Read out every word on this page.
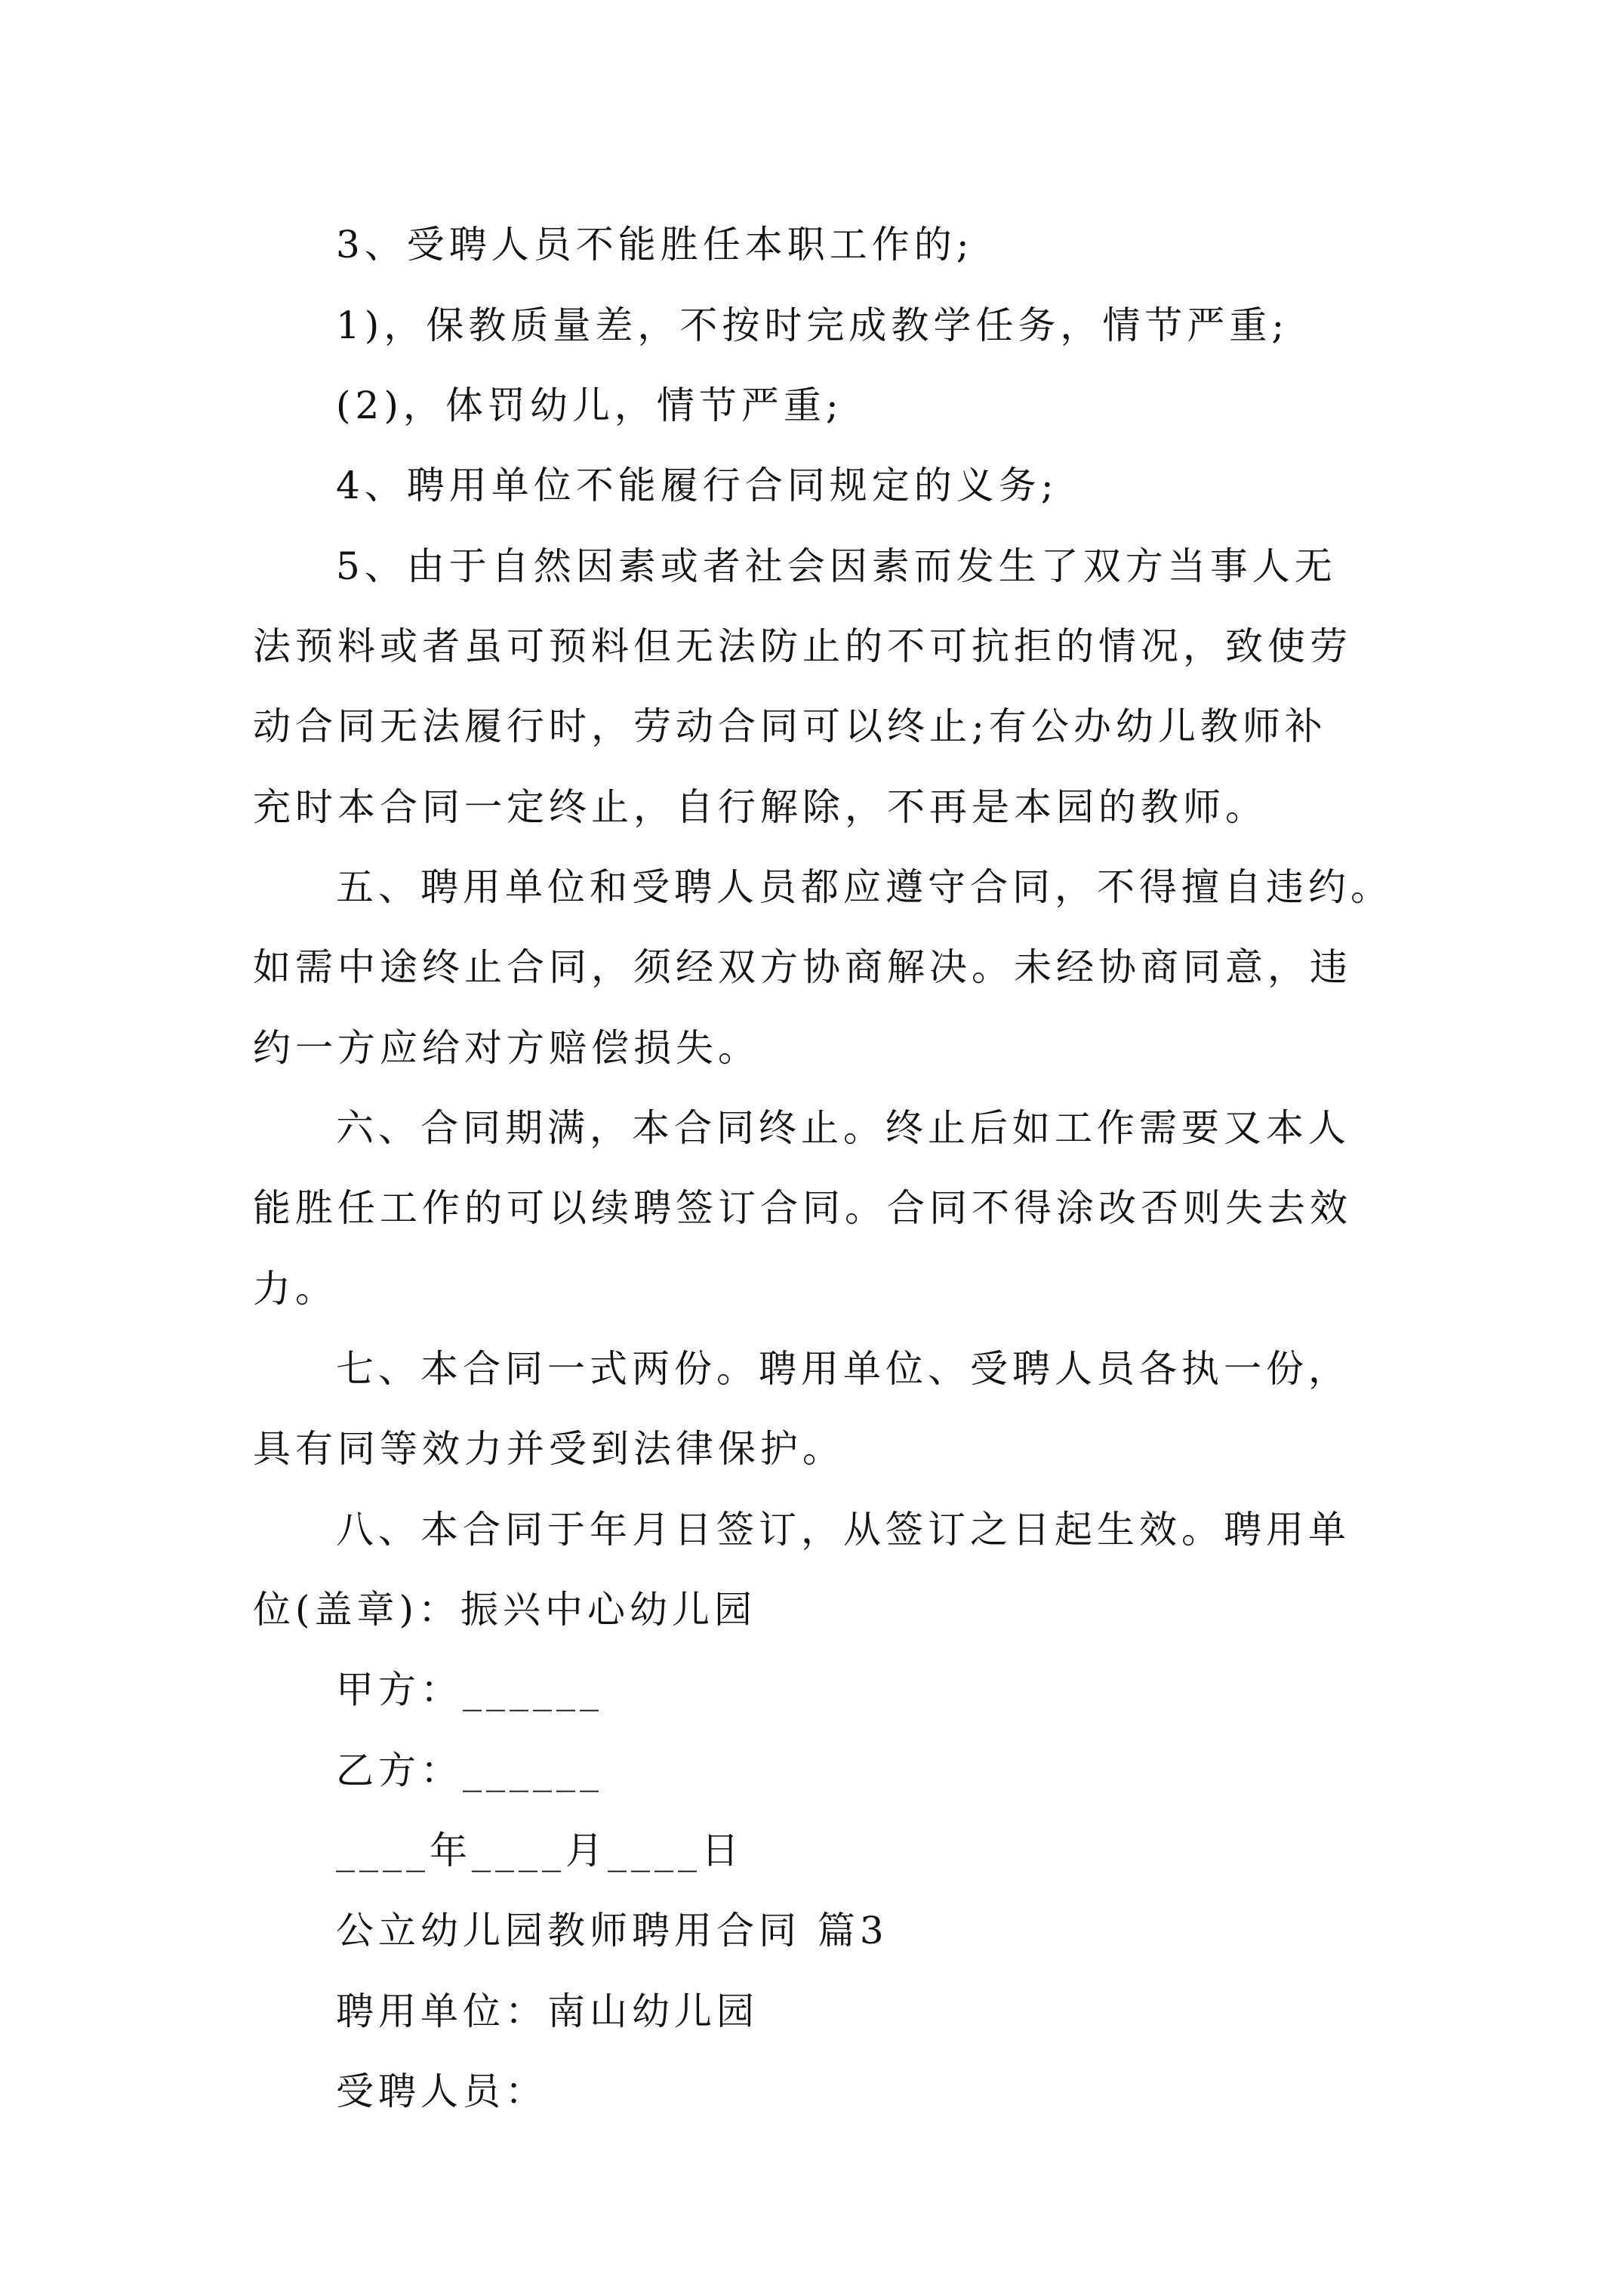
3、受聘人员不能胜任本职工作的;
1)，保教质量差，不按时完成教学任务，情节严重;
(2)，体罚幼儿，情节严重;
4、聘用单位不能履行合同规定的义务;
5、由于自然因素或者社会因素而发生了双方当事人无
法预料或者虽可预料但无法防止的不可抗拒的情况，致使劳
动合同无法履行时，劳动合同可以终止;有公办幼儿教师补
充时本合同一定终止，自行解除，不再是本园的教师。
五、聘用单位和受聘人员都应遵守合同，不得擅自违约。
如需中途终止合同，须经双方协商解决。未经协商同意，违
约一方应给对方赔偿损失。
六、合同期满，本合同终止。终止后如工作需要又本人
能胜任工作的可以续聘签订合同。合同不得涂改否则失去效
力。
七、本合同一式两份。聘用单位、受聘人员各执一份，
具有同等效力并受到法律保护。
八、本合同于年月日签订，从签订之日起生效。聘用单
位(盖章)：振兴中心幼儿园
甲方：______
乙方：______
____年____月____日
公立幼儿园教师聘用合同 篇3
聘用单位：南山幼儿园
受聘人员：
